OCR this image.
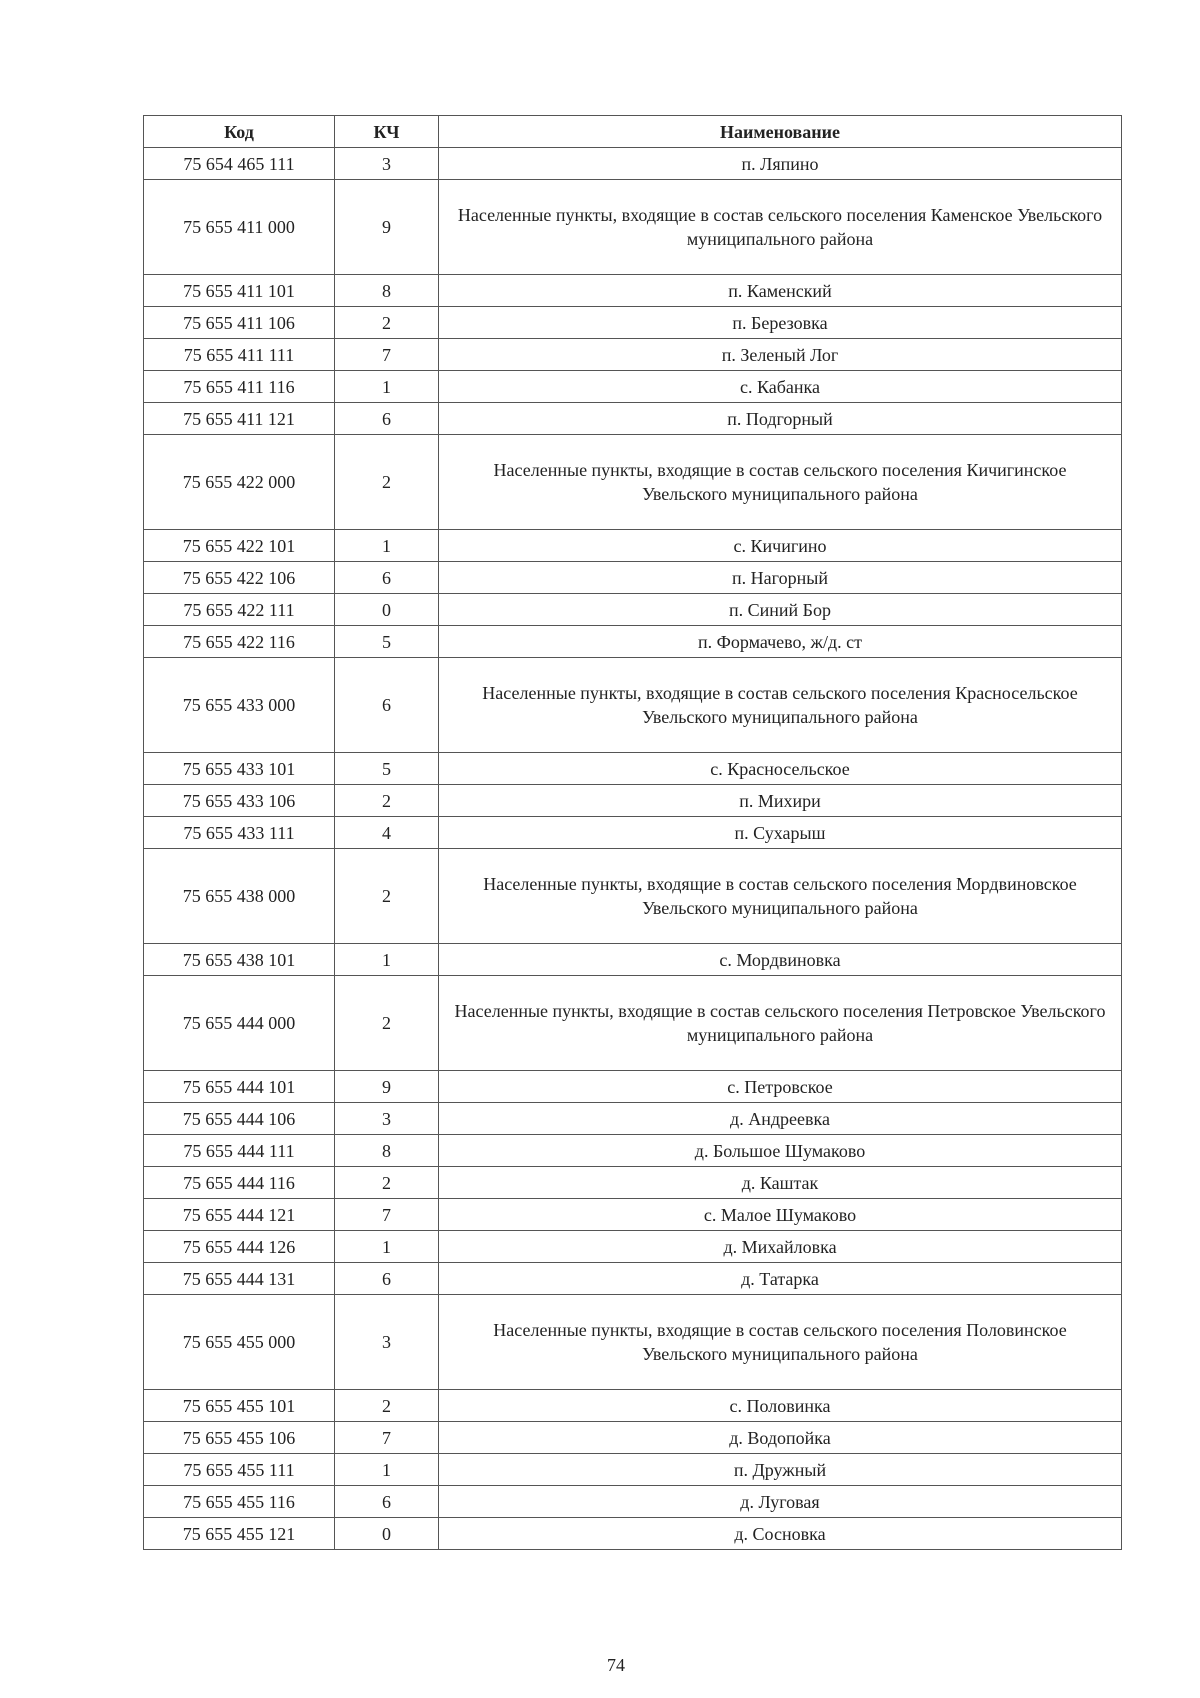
Код	КЧ	Наименование
75 654 465 111	3	п. Ляпино
75 655 411 000	9	Населенные пункты, входящие в состав сельского поселения Каменское Увельского муниципального района
75 655 411 101	8	п. Каменский
75 655 411 106	2	п. Березовка
75 655 411 111	7	п. Зеленый Лог
75 655 411 116	1	с. Кабанка
75 655 411 121	6	п. Подгорный
75 655 422 000	2	Населенные пункты, входящие в состав сельского поселения Кичигинское Увельского муниципального района
75 655 422 101	1	с. Кичигино
75 655 422 106	6	п. Нагорный
75 655 422 111	0	п. Синий Бор
75 655 422 116	5	п. Формачево, ж/д. ст
75 655 433 000	6	Населенные пункты, входящие в состав сельского поселения Красносельское Увельского муниципального района
75 655 433 101	5	с. Красносельское
75 655 433 106	2	п. Михири
75 655 433 111	4	п. Сухарыш
75 655 438 000	2	Населенные пункты, входящие в состав сельского поселения Мордвиновское Увельского муниципального района
75 655 438 101	1	с. Мордвиновка
75 655 444 000	2	Населенные пункты, входящие в состав сельского поселения Петровское Увельского муниципального района
75 655 444 101	9	с. Петровское
75 655 444 106	3	д. Андреевка
75 655 444 111	8	д. Большое Шумаково
75 655 444 116	2	д. Каштак
75 655 444 121	7	с. Малое Шумаково
75 655 444 126	1	д. Михайловка
75 655 444 131	6	д. Татарка
75 655 455 000	3	Населенные пункты, входящие в состав сельского поселения Половинское Увельского муниципального района
75 655 455 101	2	с. Половинка
75 655 455 106	7	д. Водопойка
75 655 455 111	1	п. Дружный
75 655 455 116	6	д. Луговая
75 655 455 121	0	д. Сосновка
74
